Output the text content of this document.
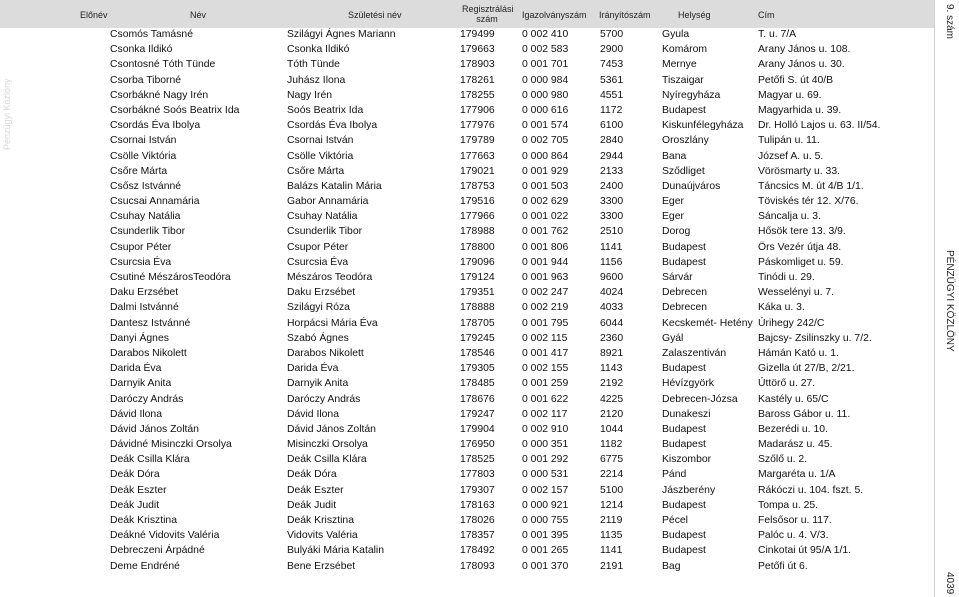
Előnév	Név	Születési név
Regisztrálási szám	Igazolványszám Irányítószám	Helység	Cím
Pénzügyi Közlöny
Csomós Tamásné	Szilágyi Ágnes Mariann	179499	0 002 410	5700	Gyula	T. u. 7/A
Csonka Ildikó	Csonka Ildikó	179663	0 002 583	2900	Komárom	Arany János u. 108.
Csontosné Tóth Tünde	Tóth Tünde	178903	0 001 701	7453	Mernye	Arany János u. 30.
Csorba Tiborné	Juhász Ilona	178261	0 000 984	5361	Tiszaigar	Petőfi S. út 40/B
Csorbákné Nagy Irén	Nagy Irén	178255	0 000 980	4551	Nyíregyháza	Magyar u. 69.
Csorbákné Soós Beatrix Ida	Soós Beatrix Ida	177906	0 000 616	1172	Budapest	Magyarhida u. 39.
Csordás Éva Ibolya	Csordás Éva Ibolya	177976	0 001 574	6100	Kiskunfélegyháza Dr. Holló Lajos u. 63. II/54.
Csornai István	Csornai István	179789	0 002 705	2840	Oroszlány	Tulipán u. 11.
Csölle Viktória	Csölle Viktória	177663	0 000 864	2944	Bana	József A. u. 5.
Csőre Márta	Csőre Márta	179021	0 001 929	2133	Sződliget	Vörösmarty u. 33.
Csősz Istvánné	Balázs Katalin Mária	178753	0 001 503	2400	Dunaújváros	Táncsics M. út 4/B 1/1.
Csucsai Annamária	Gabor Annamária	179516	0 002 629	3300	Eger	Töviskés tér 12. X/76.
Csuhay Natália	Csuhay Natália	177966	0 001 022	3300	Eger	Sáncalja u. 3.
Csunderlik Tibor	Csunderlik Tibor	178988	0 001 762	2510	Dorog	Hősök tere 13. 3/9.
Csupor Péter	Csupor Péter	178800	0 001 806	1141	Budapest	Örs Vezér útja 48.
Csurcsia Éva	Csurcsia Éva	179096	0 001 944	1156	Budapest	Páskomliget u. 59.
Csutiné MészárosTeodóra	Mészáros Teodóra	179124	0 001 963	9600	Sárvár	Tinódi u. 29.
Daku Erzsébet	Daku Erzsébet	179351	0 002 247	4024	Debrecen	Wesselényi u. 7.
Dalmi Istvánné	Szilágyi Róza	178888	0 002 219	4033	Debrecen	Káka u. 3.
Dantesz Istvánné	Horpácsi Mária Éva	178705	0 001 795	6044	Kecskemét- Hetény Úrihegy 242/C
Danyi Ágnes	Szabó Ágnes	179245	0 002 115	2360	Gyál	Bajcsy- Zsilinszky u. 7/2.
Darabos Nikolett	Darabos Nikolett	178546	0 001 417	8921	Zalaszentiván	Hámán Kató u. 1.
Darida Éva	Darida Éva	179305	0 002 155	1143	Budapest	Gizella út 27/B, 2/21.
Darnyik Anita	Darnyik Anita	178485	0 001 259	2192	Hévízgyörk	Úttörő u. 27.
Daróczy András	Daróczy András	178676	0 001 622	4225	Debrecen-Józsa Kastély u. 65/C
Dávid Ilona	Dávid Ilona	179247	0 002 117	2120	Dunakeszi	Baross Gábor u. 11.
Dávid János Zoltán	Dávid János Zoltán	179904	0 002 910	1044	Budapest	Bezerédi u. 10.
Dávidné Misinczki Orsolya	Misinczki Orsolya	176950	0 000 351	1182	Budapest	Madarász u. 45.
Deák Csilla Klára	Deák Csilla Klára	178525	0 001 292	6775	Kiszombor	Szőlő u. 2.
Deák Dóra	Deák Dóra	177803	0 000 531	2214	Pánd	Margaréta u. 1/A
Deák Eszter	Deák Eszter	179307	0 002 157	5100	Jászberény	Rákóczi u. 104. fszt. 5.
Deák Judit	Deák Judit	178163	0 000 921	1214	Budapest	Tompa u. 25.
Deák Krisztina	Deák Krisztina	178026	0 000 755	2119	Pécel	Felsősor u. 117.
Deákné Vidovits Valéria	Vidovits Valéria	178357	0 001 395	1135	Budapest	Palóc u. 4. V/3.
Debreczeni Árpádné	Bulyáki Mária Katalin	178492	0 001 265	1141	Budapest	Cinkotai út 95/A 1/1.
Deme Endréné	Bene Erzsébet	178093	0 001 370	2191	Bag	Petőfi út 6.
9. szám
PÉNZÜGYI KÖZLÖNY
4039
